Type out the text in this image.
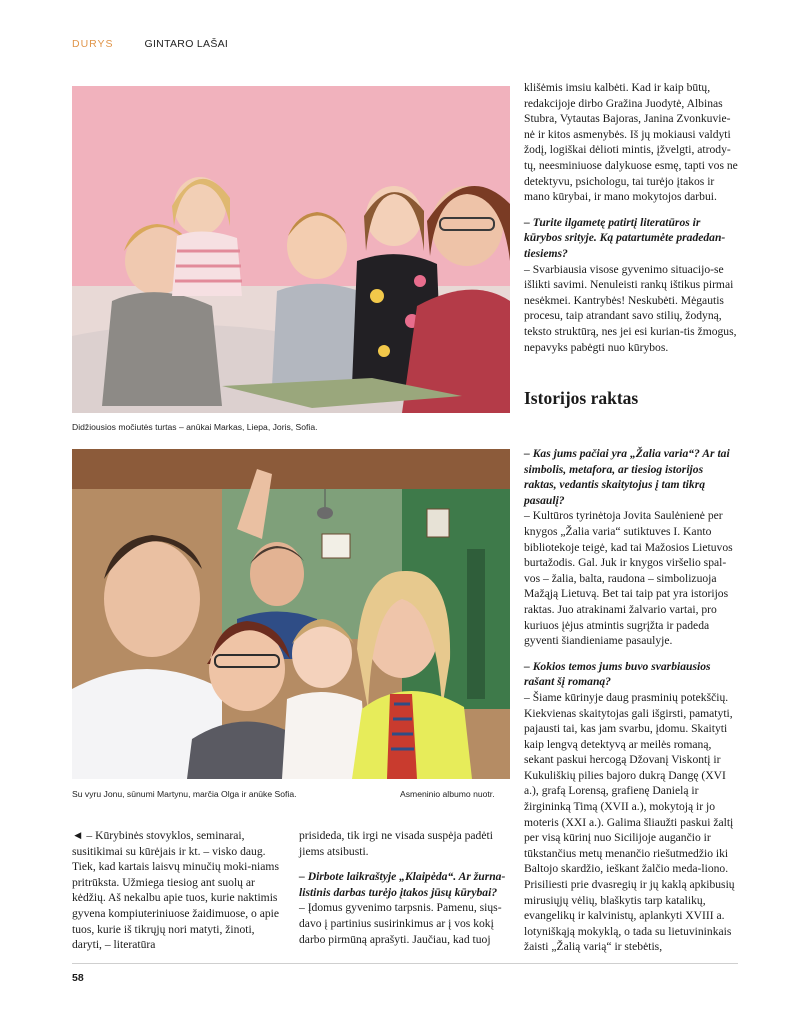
DURYS	GINTARO LAŠAI
Didžiousios močiutės turtas – anūkai Markas, Liepa, Joris, Sofia.
Su vyru Jonu, sūnumi Martynu, marčia Olga ir anūke Sofia.	Asmeninio albumo nuotr.

klišėmis imsiu kalbėti. Kad ir kaip būtų, redakcijoje dirbo Gražina Juodytė, Albinas Stubra, Vytautas Bajoras, Janina Zvonkuvie-nė ir kitos asmenybės. Iš jų mokiausi valdyti žodį, logiškai dėlioti mintis, įžvelgti, atrody-tų, neesminiuose dalykuose esmę, tapti vos ne detektyvu, psichologu, tai turėjo įtakos ir mano kūrybai, ir mano mokytojos darbui.

– Turite ilgametę patirtį literatūros ir kūrybos srityje. Ką patartumėte pradedan-tiesiems?

– Svarbiausia visose gyvenimo situacijo-se išlikti savimi. Nenuleisti rankų ištikus pirmai nesėkmei. Kantrybės! Neskubėti. Mėgautis procesu, taip atrandant savo stilių, žodyną, teksto struktūrą, nes jei esi kurian-tis žmogus, nepavyks pabėgti nuo kūrybos.

Istorijos raktas

– Kas jums pačiai yra „Žalia varia“? Ar tai simbolis, metafora, ar tiesiog istorijos raktas, vedantis skaitytojus į tam tikrą pasaulį?

– Kultūros tyrinėtoja Jovita Saulėnienė per knygos „Žalia varia“ sutiktuves I. Kanto bibliotekoje teigė, kad tai Mažosios Lietuvos burtažodis. Gal. Juk ir knygos viršelio spal-vos – žalia, balta, raudona – simbolizuoja Mažąją Lietuvą. Bet tai taip pat yra istorijos raktas. Juo atrakinami žalvario vartai, pro kuriuos įėjus atmintis sugrįžta ir padeda gyventi šiandieniame pasaulyje.

– Kokios temos jums buvo svarbiausios rašant šį romaną?

– Šiame kūrinyje daug prasminių potekščių. Kiekvienas skaitytojas gali išgirsti, pamatyti, pajausti tai, kas jam svarbu, įdomu. Skaityti kaip lengvą detektyvą ar meilės romaną, sekant paskui hercogą Džovanį Viskontį ir Kukuliškių pilies bajoro dukrą Dangę (XVI a.), grafą Lorensą, grafienę Danielą ir žirgininką Timą (XVII a.), mokytoją ir jo moteris (XXI a.). Galima šliaužti paskui žaltį per visą kūrinį nuo Sicilijoje augančio ir tūkstančius metų menančio riešutmedžio iki Baltojo skardžio, ieškant žalčio meda-liono. Prisiliesti prie dvasregių ir jų kaklą apkibusių mirusiųjų vėlių, blaškytis tarp katalikų, evangelikų ir kalvinistų, aplankyti XVIII a. lotyniškąją mokyklą, o tada su lietuvininkais žaisti „Žalią varią“ ir stebėtis,

◄ – Kūrybinės stovyklos, seminarai, susitikimai su kūrėjais ir kt. – visko daug. Tiek, kad kartais laisvų minučių moki-niams pritrūksta. Užmiega tiesiog ant suolų ar kėdžių. Aš nekalbu apie tuos, kurie naktimis gyvena kompiuteriniuose žaidimuose, o apie tuos, kurie iš tikrųjų nori matyti, žinoti, daryti, – literatūra

prisideda, tik irgi ne visada suspėja padėti jiems atsibusti.

– Dirbote laikraštyje „Klaipėda“. Ar žurna-listinis darbas turėjo įtakos jūsų kūrybai?

– Įdomus gyvenimo tarpsnis. Pamenu, siųs-davo į partinius susirinkimus ar į vos kokį darbo pirmūną aprašyti. Jaučiau, kad tuoj

58
